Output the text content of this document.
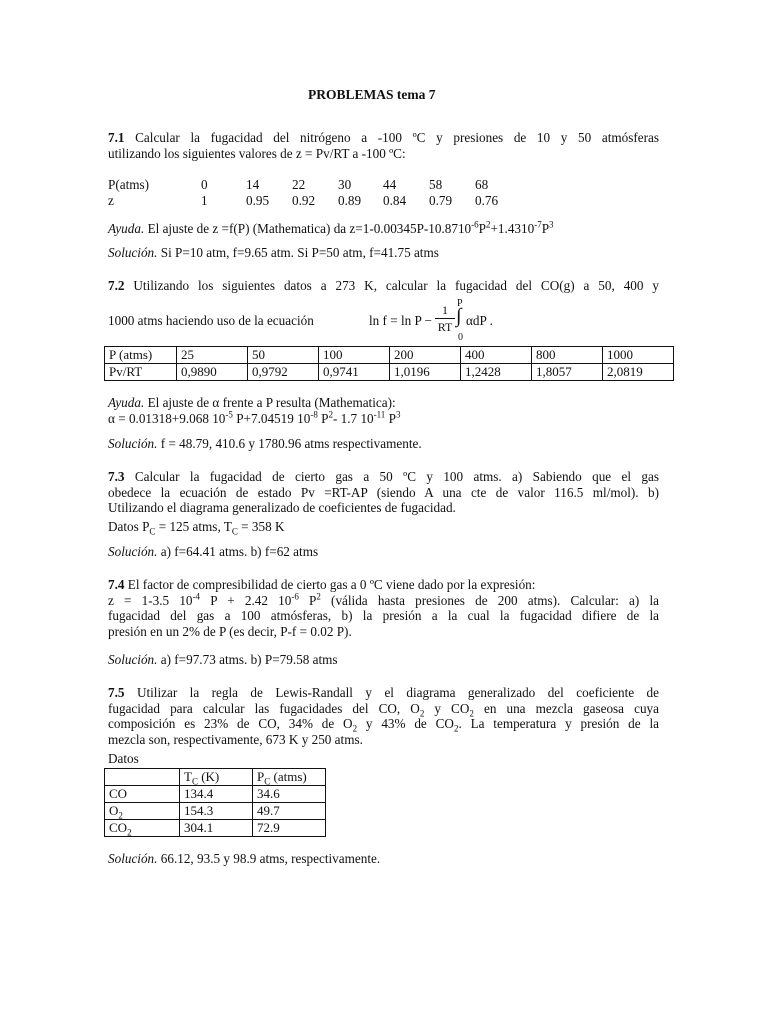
PROBLEMAS tema 7
7.1 Calcular la fugacidad del nitrógeno a -100 ºC y presiones de 10 y 50 atmósferas
utilizando los siguientes valores de z = Pv/RT a -100 ºC:
P(atms)	0	14 22 30 44 58 68
z	1	0.95 0.92 0.89 0.84 0.79 0.76
Ayuda. El ajuste de z =f(P) (Mathematica) da $z=1-0.00345P-10.8710^{-6}P^2+1.4310^{-7}P^3$
Solución. Si P=10 atm, f=9.65 atm. Si P=50 atm, f=41.75 atms
7.2 Utilizando los siguientes datos a 273 K, calcular la fugacidad del CO(g) a 50, 400 y
1000 atms haciendo uso de la ecuación	ln f = ln P −
1
RT
P
∫
0
αdP .
P (atms)	25	50	100	200	400	800	1000
Pv/RT	0,9890	0,9792	0,9741	1,0196	1,2428	1,8057	2,0819
Ayuda. El ajuste de α frente a P resulta (Mathematica):
α = 0.01318+9.068 $10^{-5}$ P+7.04519 $10^{-8}$ $P^2-$ 1.7 $10^{-11}$ $P^3$
Solución. f = 48.79, 410.6 y 1780.96 atms respectivamente.
7.3 Calcular la fugacidad de cierto gas a 50 ºC y 100 atms. a) Sabiendo que el gas
obedece la ecuación de estado Pv =RT-AP (siendo A una cte de valor 116.5 ml/mol). b)
Utilizando el diagrama generalizado de coeficientes de fugacidad.
Datos $P_C = 125$ atms, $T_C = 358$ K
Solución. a) f=64.41 atms. b) f=62 atms
7.4 El factor de compresibilidad de cierto gas a 0 ºC viene dado por la expresión:
z = 1-3.5 $10^{-4}$ P + 2.42 $10^{-6}$ $P^2$ (válida hasta presiones de 200 atms). Calcular: a) la
fugacidad del gas a 100 atmósferas, b) la presión a la cual la fugacidad difiere de la
presión en un 2% de P (es decir, P-f = 0.02 P).
Solución. a) f=97.73 atms. b) P=79.58 atms
7.5 Utilizar la regla de Lewis-Randall y el diagrama generalizado del coeficiente de
fugacidad para calcular las fugacidades del CO, $O_2$ y $CO_2$ en una mezcla gaseosa cuya
composición es 23% de CO, 34% de $O_2$ y 43% de $CO_2$. La temperatura y presión de la
mezcla son, respectivamente, 673 K y 250 atms.
Datos
	$T_C$ (K)	$P_C$ (atms)
CO	134.4	34.6
$O_2$	154.3	49.7
$CO_2$	304.1	72.9
Solución. 66.12, 93.5 y 98.9 atms, respectivamente.
